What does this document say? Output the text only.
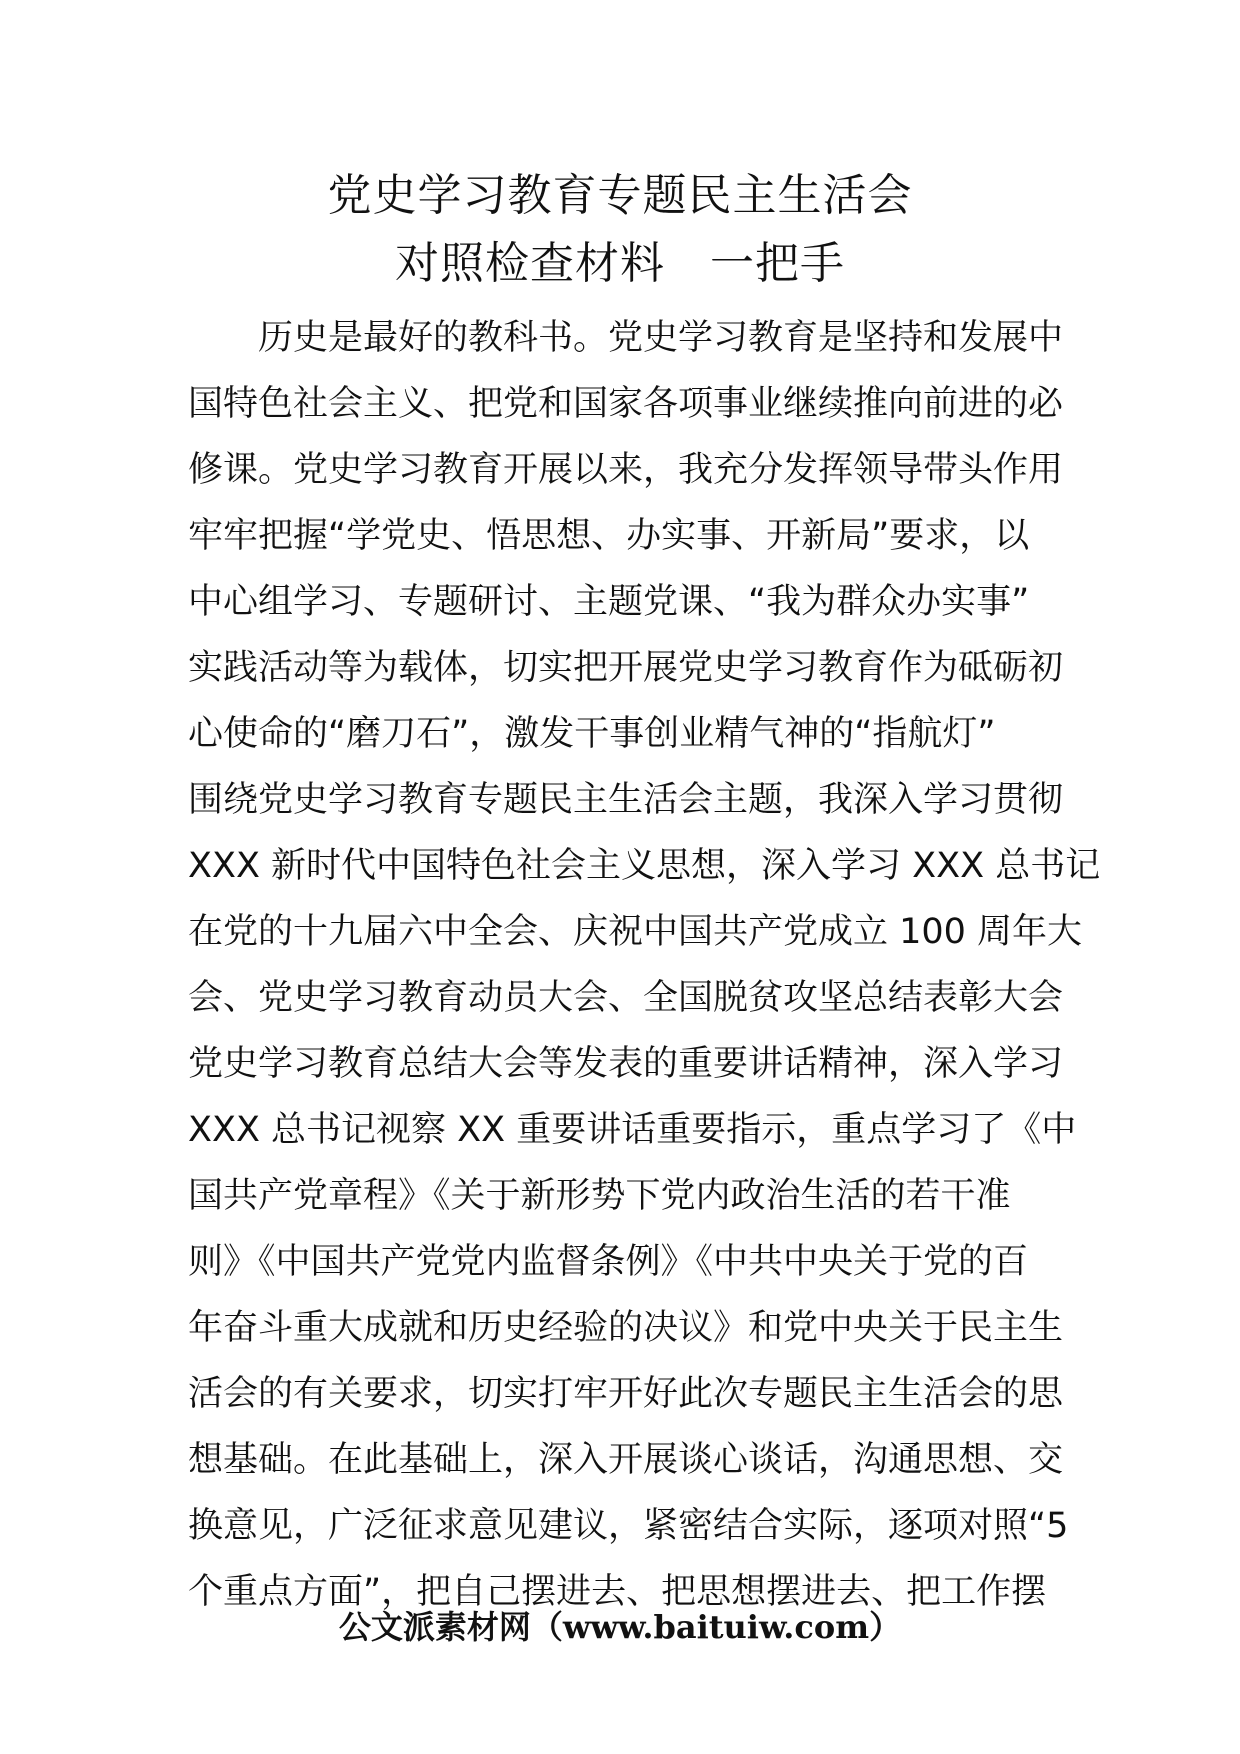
党史学习教育专题民主生活会
对照检查材料　一把手
　　历史是最好的教科书。党史学习教育是坚持和发展中
国特色社会主义、把党和国家各项事业继续推向前进的必
修课。党史学习教育开展以来，我充分发挥领导带头作用
牢牢把握“学党史、悟思想、办实事、开新局”要求，以
中心组学习、专题研讨、主题党课、“我为群众办实事”
实践活动等为载体，切实把开展党史学习教育作为砥砺初
心使命的“磨刀石”，激发干事创业精气神的“指航灯”
围绕党史学习教育专题民主生活会主题，我深入学习贯彻
XXX 新时代中国特色社会主义思想，深入学习 XXX 总书记
在党的十九届六中全会、庆祝中国共产党成立 100 周年大
会、党史学习教育动员大会、全国脱贫攻坚总结表彰大会
党史学习教育总结大会等发表的重要讲话精神，深入学习
XXX 总书记视察 XX 重要讲话重要指示，重点学习了《中
国共产党章程》《关于新形势下党内政治生活的若干准
则》《中国共产党党内监督条例》《中共中央关于党的百
年奋斗重大成就和历史经验的决议》和党中央关于民主生
活会的有关要求，切实打牢开好此次专题民主生活会的思
想基础。在此基础上，深入开展谈心谈话，沟通思想、交
换意见，广泛征求意见建议，紧密结合实际，逐项对照“5
个重点方面”，把自己摆进去、把思想摆进去、把工作摆
公文派素材网（www.baituiw.com）
